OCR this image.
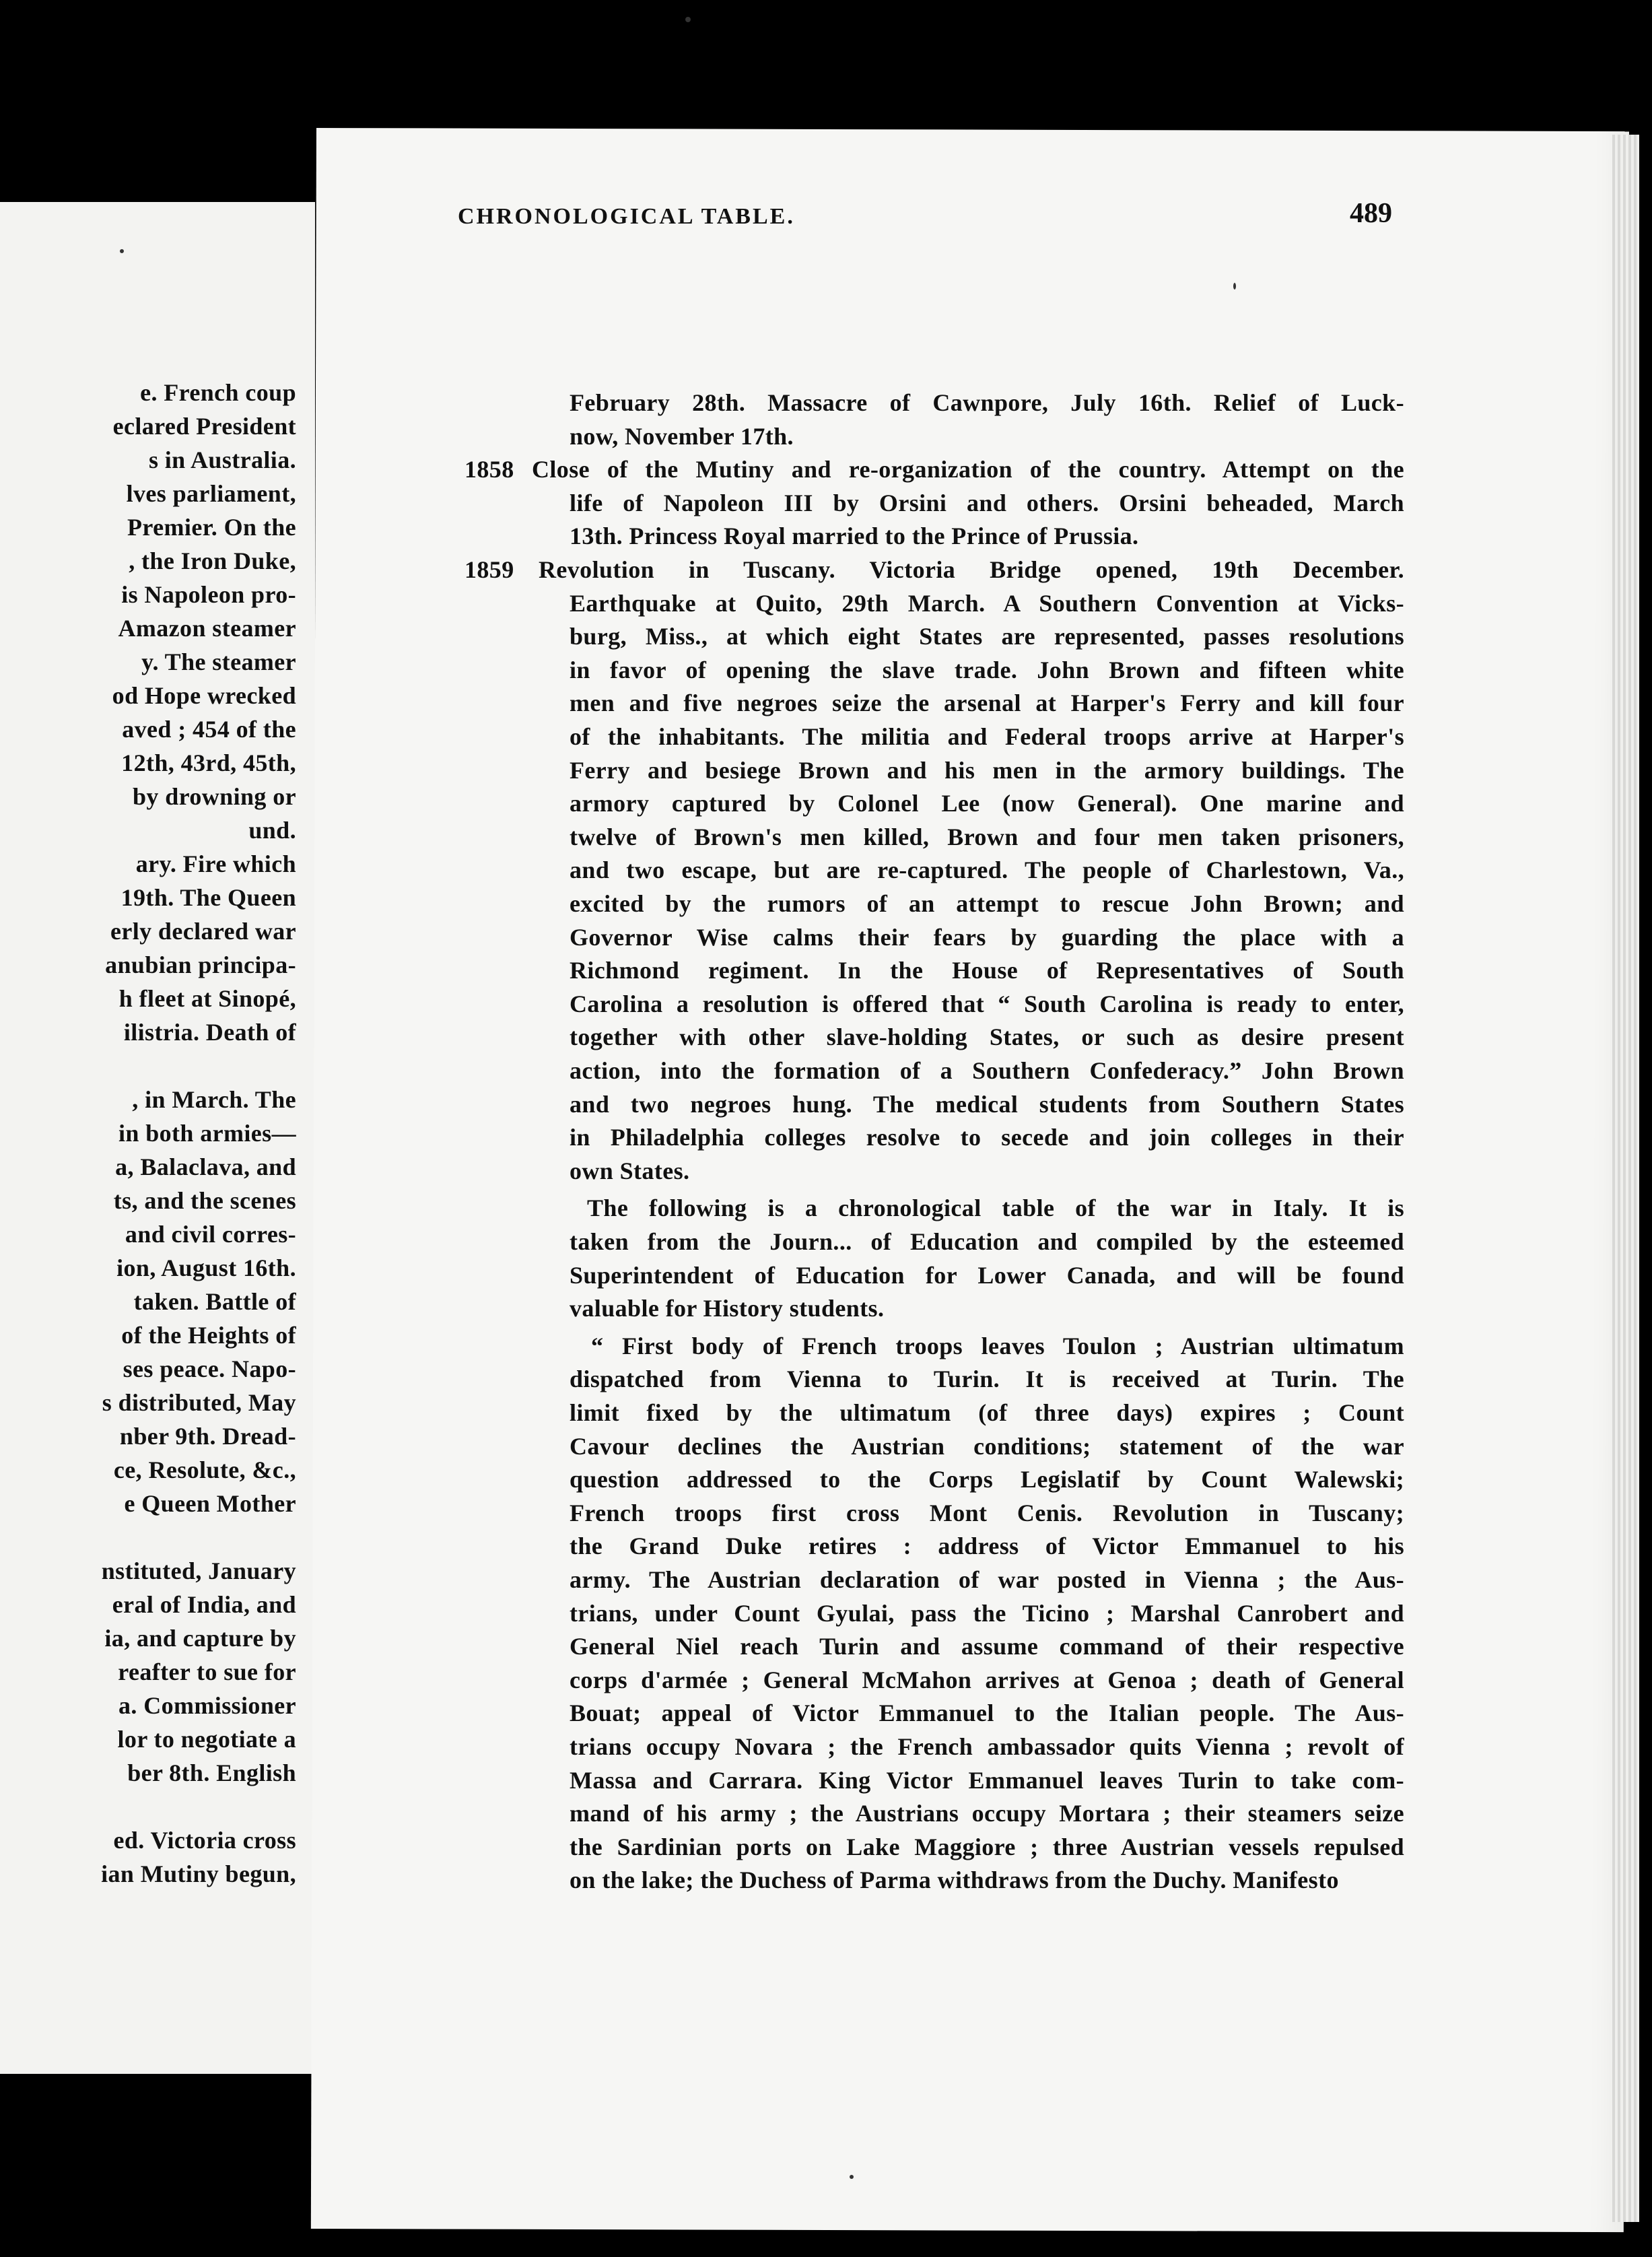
e. French coup
eclared President
s in Australia.
lves parliament,
Premier. On the
, the Iron Duke,
is Napoleon pro-
Amazon steamer
y. The steamer
od Hope wrecked
aved ; 454 of the
12th, 43rd, 45th,
by drowning or
und.
ary. Fire which
19th. The Queen
erly declared war
anubian principa-
h fleet at Sinopé,
ilistria. Death of
, in March. The
in both armies—
a, Balaclava, and
ts, and the scenes
and civil corres-
ion, August 16th.
taken. Battle of
of the Heights of
ses peace. Napo-
s distributed, May
nber 9th. Dread-
ce, Resolute, &c.,
e Queen Mother
nstituted, January
eral of India, and
ia, and capture by
reafter to sue for
a. Commissioner
lor to negotiate a
ber 8th. English
ed. Victoria cross
ian Mutiny begun,
CHRONOLOGICAL TABLE.	489
February 28th. Massacre of Cawnpore, July 16th. Relief of Luck-
now, November 17th.
Close of the Mutiny and re-organization of the country. Attempt on the
1858
life of Napoleon III by Orsini and others. Orsini beheaded, March
13th. Princess Royal married to the Prince of Prussia.
Revolution in Tuscany. Victoria Bridge opened, 19th December.
1859
Earthquake at Quito, 29th March. A Southern Convention at Vicks-
burg, Miss., at which eight States are represented, passes resolutions
in favor of opening the slave trade. John Brown and fifteen white
men and five negroes seize the arsenal at Harper's Ferry and kill four
of the inhabitants. The militia and Federal troops arrive at Harper's
Ferry and besiege Brown and his men in the armory buildings. The
armory captured by Colonel Lee (now General). One marine and
twelve of Brown's men killed, Brown and four men taken prisoners,
and two escape, but are re-captured. The people of Charlestown, Va.,
excited by the rumors of an attempt to rescue John Brown; and
Governor Wise calms their fears by guarding the place with a
Richmond regiment. In the House of Representatives of South
Carolina a resolution is offered that “ South Carolina is ready to enter,
together with other slave-holding States, or such as desire present
action, into the formation of a Southern Confederacy.” John Brown
and two negroes hung. The medical students from Southern States
in Philadelphia colleges resolve to secede and join colleges in their
own States.
The following is a chronological table of the war in Italy. It is
taken from the Journ... of Education and compiled by the esteemed
Superintendent of Education for Lower Canada, and will be found
valuable for History students.
“ First body of French troops leaves Toulon ; Austrian ultimatum
dispatched from Vienna to Turin. It is received at Turin. The
limit fixed by the ultimatum (of three days) expires ; Count
Cavour declines the Austrian conditions; statement of the war
question addressed to the Corps Legislatif by Count Walewski;
French troops first cross Mont Cenis. Revolution in Tuscany;
the Grand Duke retires : address of Victor Emmanuel to his
army. The Austrian declaration of war posted in Vienna ; the Aus-
trians, under Count Gyulai, pass the Ticino ; Marshal Canrobert and
General Niel reach Turin and assume command of their respective
corps d'armée ; General McMahon arrives at Genoa ; death of General
Bouat; appeal of Victor Emmanuel to the Italian people. The Aus-
trians occupy Novara ; the French ambassador quits Vienna ; revolt of
Massa and Carrara. King Victor Emmanuel leaves Turin to take com-
mand of his army ; the Austrians occupy Mortara ; their steamers seize
the Sardinian ports on Lake Maggiore ; three Austrian vessels repulsed
on the lake; the Duchess of Parma withdraws from the Duchy. Manifesto
